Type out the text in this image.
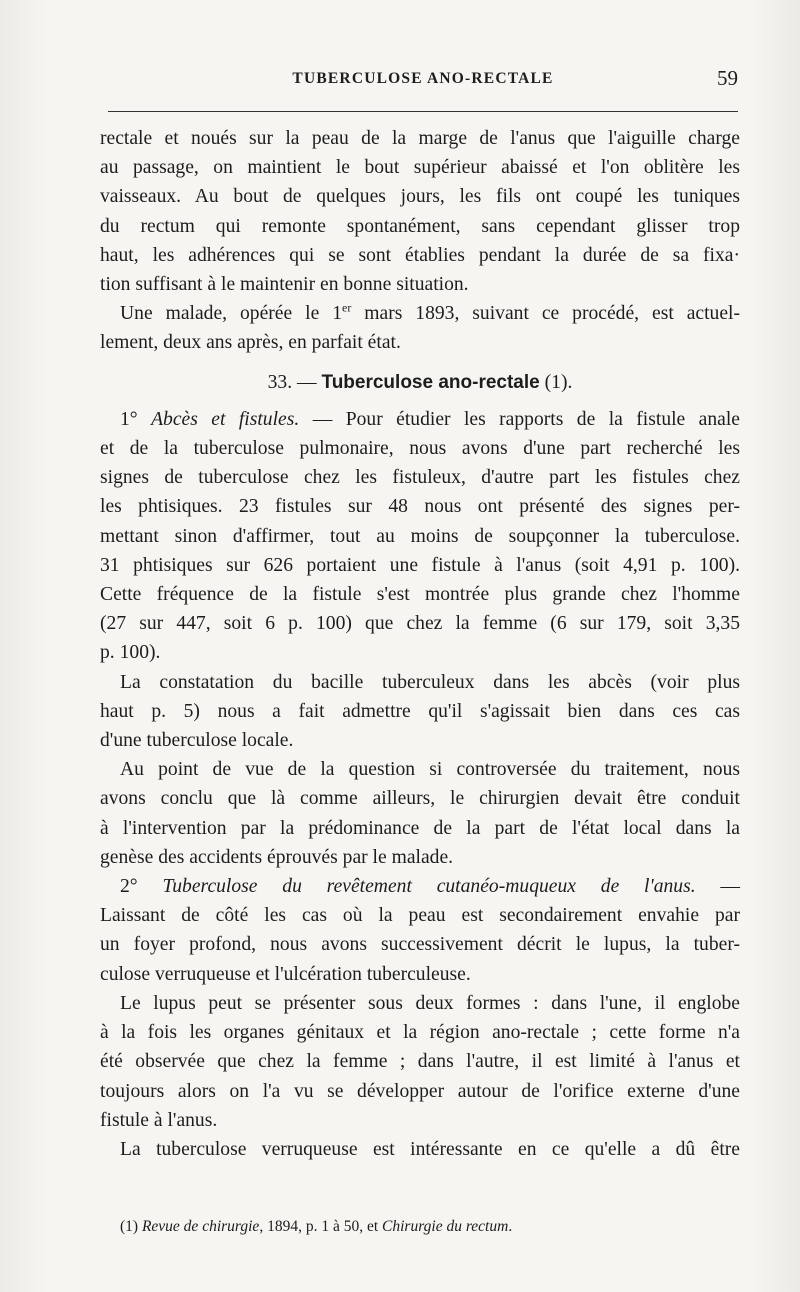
TUBERCULOSE ANO-RECTALE	59
rectale et noués sur la peau de la marge de l'anus que l'aiguille charge
au passage, on maintient le bout supérieur abaissé et l'on oblitère les
vaisseaux. Au bout de quelques jours, les fils ont coupé les tuniques
du rectum qui remonte spontanément, sans cependant glisser trop
haut, les adhérences qui se sont établies pendant la durée de sa fixa·
tion suffisant à le maintenir en bonne situation.
Une malade, opérée le 1er mars 1893, suivant ce procédé, est actuel-
lement, deux ans après, en parfait état.
33. — Tuberculose ano-rectale (1).
1° Abcès et fistules. — Pour étudier les rapports de la fistule anale
et de la tuberculose pulmonaire, nous avons d'une part recherché les
signes de tuberculose chez les fistuleux, d'autre part les fistules chez
les phtisiques. 23 fistules sur 48 nous ont présenté des signes per-
mettant sinon d'affirmer, tout au moins de soupçonner la tuberculose.
31 phtisiques sur 626 portaient une fistule à l'anus (soit 4,91 p. 100).
Cette fréquence de la fistule s'est montrée plus grande chez l'homme
(27 sur 447, soit 6 p. 100) que chez la femme (6 sur 179, soit 3,35
p. 100).
La constatation du bacille tuberculeux dans les abcès (voir plus
haut p. 5) nous a fait admettre qu'il s'agissait bien dans ces cas
d'une tuberculose locale.
Au point de vue de la question si controversée du traitement, nous
avons conclu que là comme ailleurs, le chirurgien devait être conduit
à l'intervention par la prédominance de la part de l'état local dans la
genèse des accidents éprouvés par le malade.
2° Tuberculose du revêtement cutanéo-muqueux de l'anus. —
Laissant de côté les cas où la peau est secondairement envahie par
un foyer profond, nous avons successivement décrit le lupus, la tuber-
culose verruqueuse et l'ulcération tuberculeuse.
Le lupus peut se présenter sous deux formes : dans l'une, il englobe
à la fois les organes génitaux et la région ano-rectale ; cette forme n'a
été observée que chez la femme ; dans l'autre, il est limité à l'anus et
toujours alors on l'a vu se développer autour de l'orifice externe d'une
fistule à l'anus.
La tuberculose verruqueuse est intéressante en ce qu'elle a dû être
(1) Revue de chirurgie, 1894, p. 1 à 50, et Chirurgie du rectum.
